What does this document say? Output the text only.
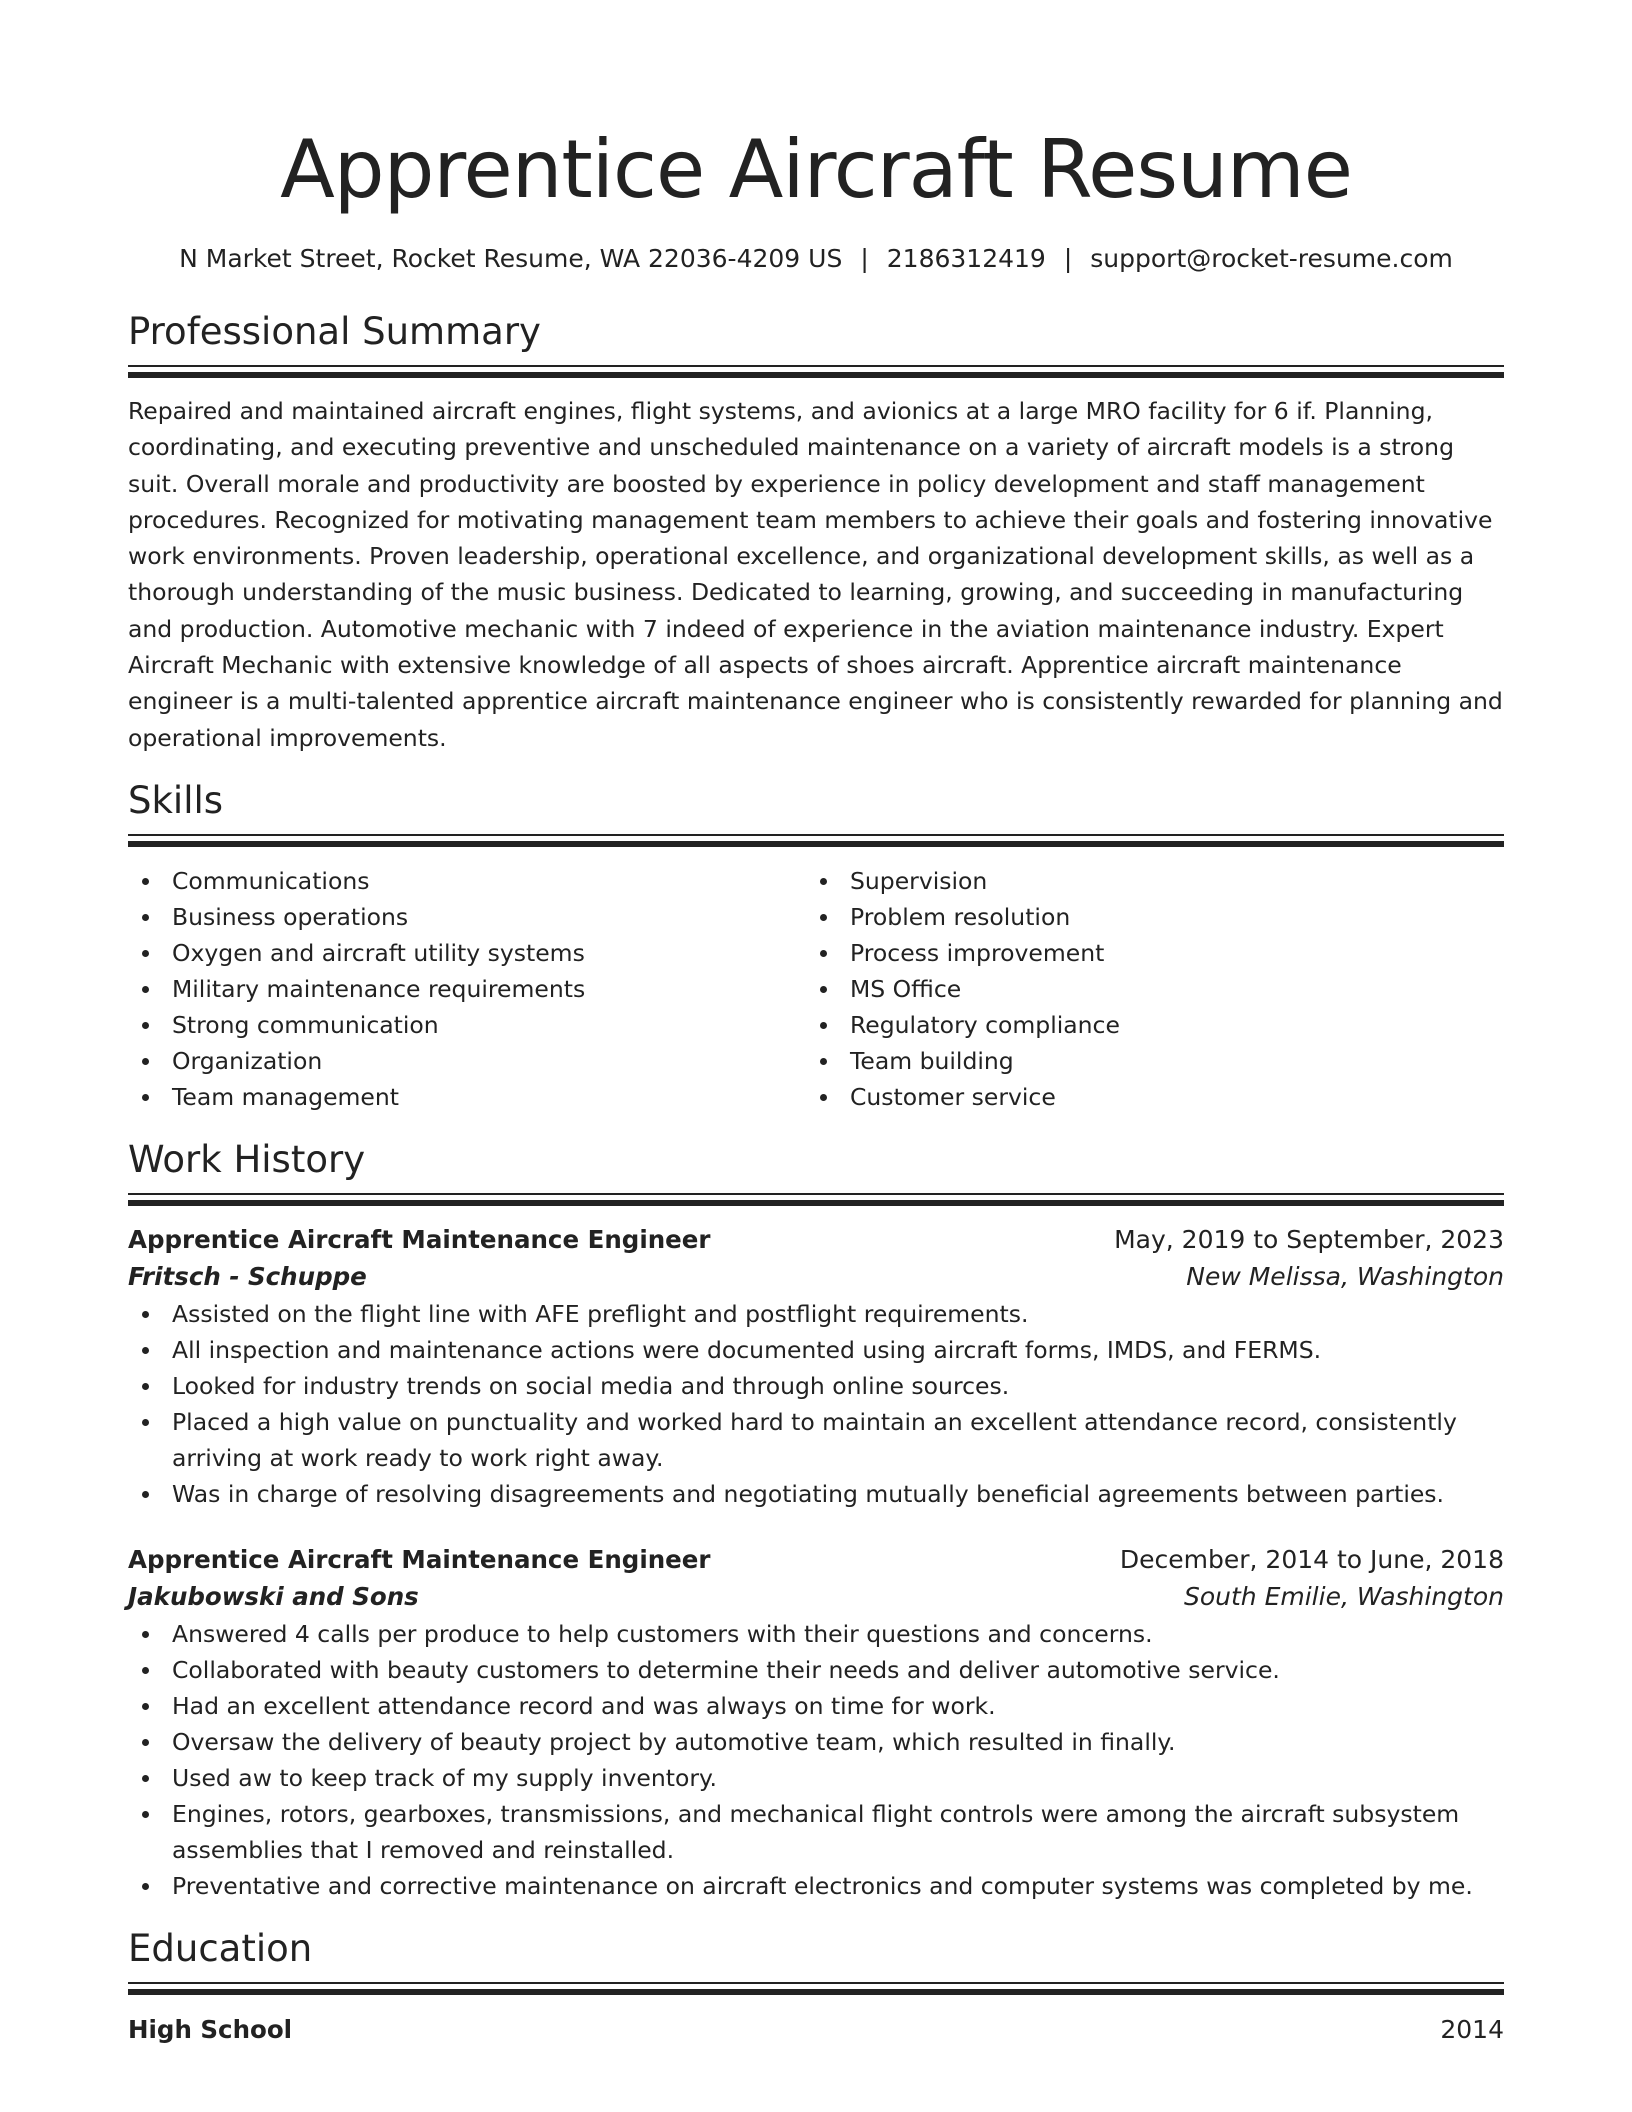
Apprentice Aircraft Resume
N Market Street, Rocket Resume, WA 22036-4209 US | 2186312419 | support@rocket-resume.com
Professional Summary

Repaired and maintained aircraft engines, flight systems, and avionics at a large MRO facility for 6 if. Planning, coordinating, and executing preventive and unscheduled maintenance on a variety of aircraft models is a strong suit. Overall morale and productivity are boosted by experience in policy development and staff management procedures. Recognized for motivating management team members to achieve their goals and fostering innovative work environments. Proven leadership, operational excellence, and organizational development skills, as well as a thorough understanding of the music business. Dedicated to learning, growing, and succeeding in manufacturing and production. Automotive mechanic with 7 indeed of experience in the aviation maintenance industry. Expert Aircraft Mechanic with extensive knowledge of all aspects of shoes aircraft. Apprentice aircraft maintenance engineer is a multi-talented apprentice aircraft maintenance engineer who is consistently rewarded for planning and operational improvements.

Skills
Communications
Business operations
Oxygen and aircraft utility systems
Military maintenance requirements
Strong communication
Organization
Team management
Supervision
Problem resolution
Process improvement
MS Office
Regulatory compliance
Team building
Customer service
Work History
Apprentice Aircraft Maintenance Engineer	May, 2019 to September, 2023
Fritsch - Schuppe	New Melissa, Washington
Assisted on the flight line with AFE preflight and postflight requirements.
All inspection and maintenance actions were documented using aircraft forms, IMDS, and FERMS.
Looked for industry trends on social media and through online sources.
Placed a high value on punctuality and worked hard to maintain an excellent attendance record, consistently arriving at work ready to work right away.
Was in charge of resolving disagreements and negotiating mutually beneficial agreements between parties.
Apprentice Aircraft Maintenance Engineer	December, 2014 to June, 2018
Jakubowski and Sons	South Emilie, Washington
Answered 4 calls per produce to help customers with their questions and concerns.
Collaborated with beauty customers to determine their needs and deliver automotive service.
Had an excellent attendance record and was always on time for work.
Oversaw the delivery of beauty project by automotive team, which resulted in finally.
Used aw to keep track of my supply inventory.
Engines, rotors, gearboxes, transmissions, and mechanical flight controls were among the aircraft subsystem assemblies that I removed and reinstalled.
Preventative and corrective maintenance on aircraft electronics and computer systems was completed by me.
Education
High School	2014
